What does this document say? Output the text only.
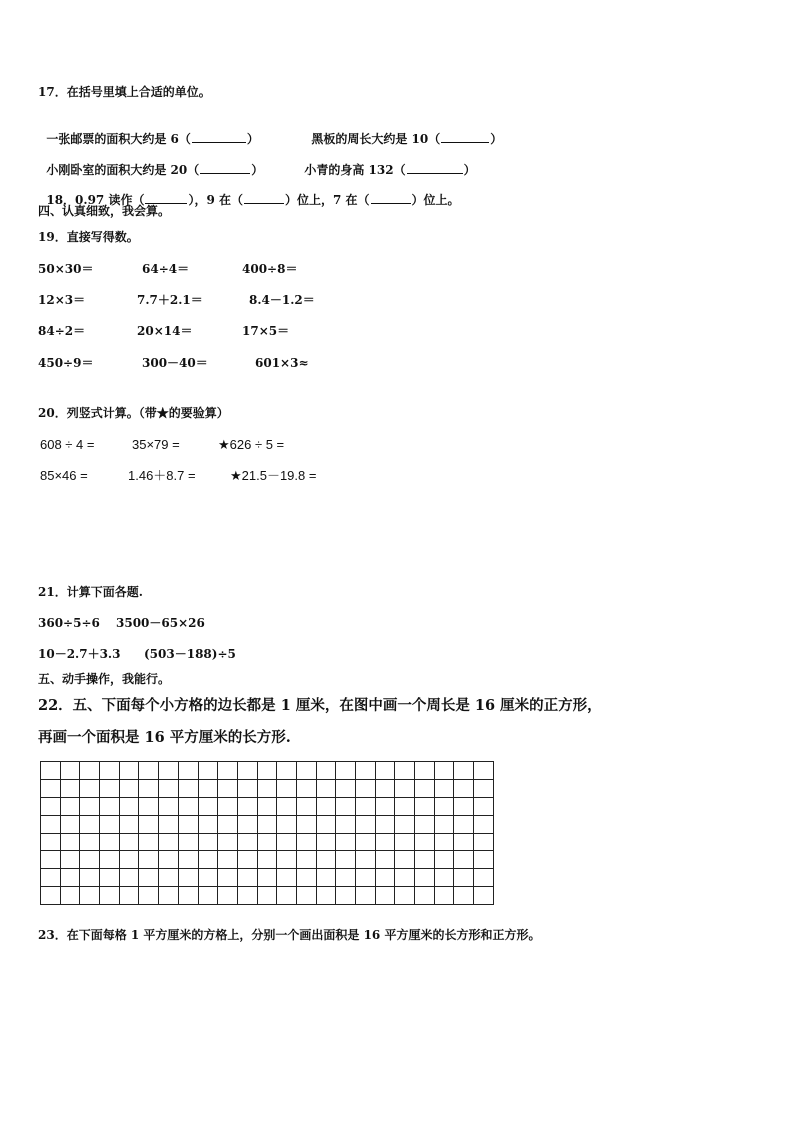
17．在括号里填上合适的单位。

一张邮票的面积大约是 6（	）	黑板的周长大约是 10（	）

小刚卧室的面积大约是 20（	）	小青的身高 132（	）

18．0.97 读作（	），9 在（	）位上，7 在（	）位上。

四、认真细致，我会算。
19．直接写得数。
50×30＝	64÷4＝	400÷8＝
12×3＝	7.7＋2.1＝	8.4－1.2＝
84÷2＝	20×14＝	17×5＝
450÷9＝	300－40＝	601×3≈
20．列竖式计算。（带★的要验算）
608 ÷ 4 =	35×79 =	★626 ÷ 5 =
85×46 =	1.46＋8.7 =	★21.5－19.8 =
21．计算下面各题.
360÷5÷6 3500－65×26
10－2.7＋3.3 (503－188)÷5
五、动手操作，我能行。
22．五、下面每个小方格的边长都是 1 厘米，在图中画一个周长是 16 厘米的正方形，
再画一个面积是 16 平方厘米的长方形.

23．在下面每格 1 平方厘米的方格上，分别一个画出面积是 16 平方厘米的长方形和正方形。
